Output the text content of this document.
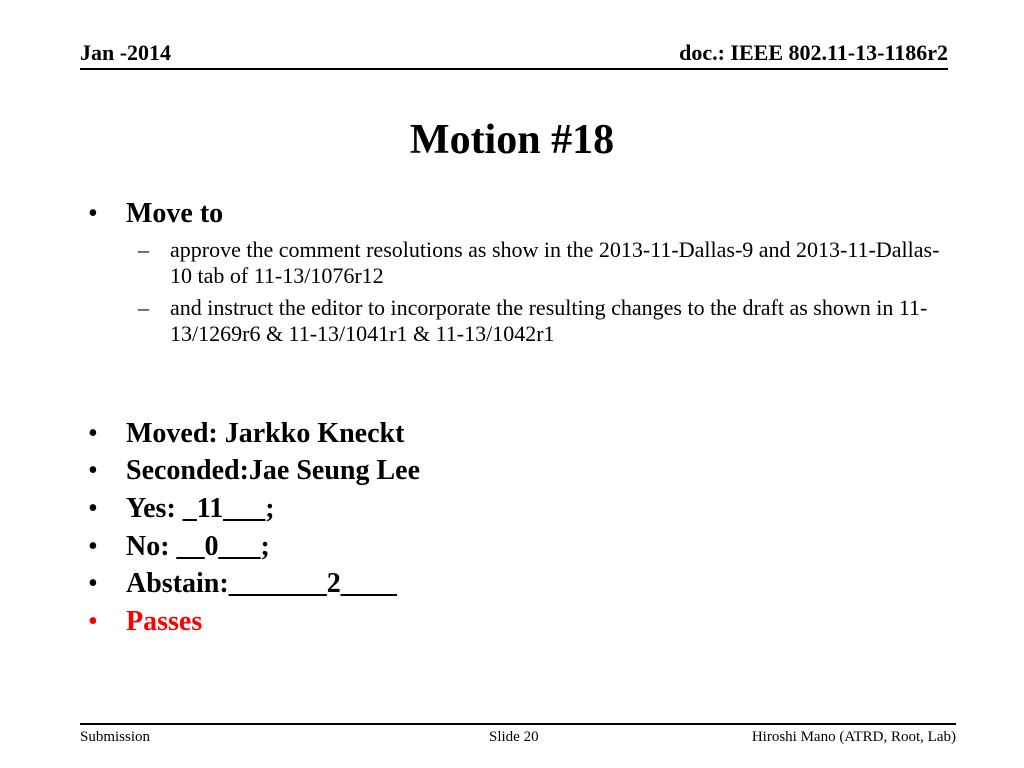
Jan -2014	doc.: IEEE 802.11-13-1186r2
Motion #18
• Move to
– approve the comment resolutions as show in the 2013-11-Dallas-9 and 2013-11-Dallas-10 tab of 11-13/1076r12
– and instruct the editor to incorporate the resulting changes to the draft as shown in 11-13/1269r6 & 11-13/1041r1 & 11-13/1042r1
• Moved: Jarkko Kneckt
• Seconded:Jae Seung Lee
• Yes: _11___;
• No: __0___;
• Abstain:_______2____
• Passes
Submission	Slide 20	Hiroshi Mano (ATRD, Root, Lab)
